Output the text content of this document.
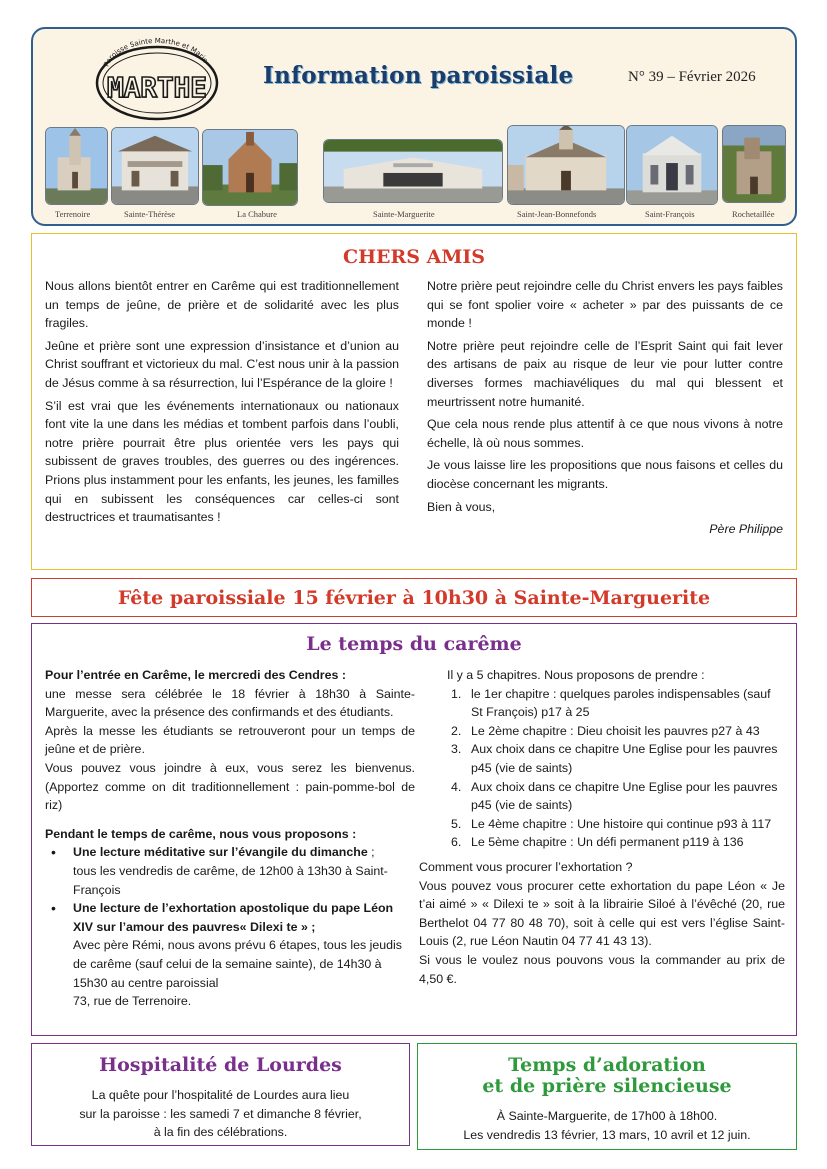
Paroisse Sainte Marthe et Marie
MARTHE Information paroissiale	N° 39 – Février 2026
Terrenoire	Sainte-Thérèse	La Chabure	Sainte-Marguerite	Saint-Jean-Bonnefonds	Saint-François	Rochetaillée
CHERS AMIS

Nous allons bientôt entrer en Carême qui est traditionnellement un temps de jeûne, de prière et de solidarité avec les plus fragiles.

Jeûne et prière sont une expression d’insistance et d’union au Christ souffrant et victorieux du mal. C’est nous unir à la passion de Jésus comme à sa résurrection, lui l’Espérance de la gloire !

S’il est vrai que les événements internationaux ou nationaux font vite la une dans les médias et tombent parfois dans l’oubli, notre prière pourrait être plus orientée vers les pays qui subissent de graves troubles, des guerres ou des ingérences. Prions plus instamment pour les enfants, les jeunes, les familles qui en subissent les conséquences car celles-ci sont destructrices et traumatisantes !

Notre prière peut rejoindre celle du Christ envers les pays faibles qui se font spolier voire « acheter » par des puissants de ce monde !

Notre prière peut rejoindre celle de l’Esprit Saint qui fait lever des artisans de paix au risque de leur vie pour lutter contre diverses formes machiavéliques du mal qui blessent et meurtrissent notre humanité.

Que cela nous rende plus attentif à ce que nous vivons à notre échelle, là où nous sommes.

Je vous laisse lire les propositions que nous faisons et celles du diocèse concernant les migrants.

Bien à vous,

Père Philippe

Fête paroissiale 15 février à 10h30 à Sainte-Marguerite
Le temps du carême
Pour l’entrée en Carême, le mercredi des Cendres :
une messe sera célébrée le 18 février à 18h30 à Sainte-Marguerite, avec la présence des confirmands et des étudiants.
Après la messe les étudiants se retrouveront pour un temps de jeûne et de prière.
Vous pouvez vous joindre à eux, vous serez les bienvenus. (Apportez comme on dit traditionnellement : pain-pomme-bol de riz)
Pendant le temps de carême, nous vous proposons :
• Une lecture méditative sur l’évangile du dimanche ;
tous les vendredis de carême, de 12h00 à 13h30 à Saint-François
• Une lecture de l’exhortation apostolique du pape Léon XIV sur l’amour des pauvres« Dilexi te » ;
Avec père Rémi, nous avons prévu 6 étapes, tous les jeudis de carême (sauf celui de la semaine sainte), de 14h30 à 15h30 au centre paroissial
73, rue de Terrenoire.
Il y a 5 chapitres. Nous proposons de prendre :
1. le 1er chapitre : quelques paroles indispensables (sauf St François) p17 à 25
2. Le 2ème chapitre : Dieu choisit les pauvres p27 à 43
3. Aux choix dans ce chapitre Une Eglise pour les pauvres p45 (vie de saints)
4. Aux choix dans ce chapitre Une Eglise pour les pauvres p45 (vie de saints)
5. Le 4ème chapitre : Une histoire qui continue p93 à 117
6. Le 5ème chapitre : Un défi permanent p119 à 136
Comment vous procurer l’exhortation ?
Vous pouvez vous procurer cette exhortation du pape Léon « Je t’ai aimé » « Dilexi te » soit à la librairie Siloé à l’évêché (20, rue Berthelot 04 77 80 48 70), soit à celle qui est vers l’église Saint-Louis (2, rue Léon Nautin 04 77 41 43 13).
Si vous le voulez nous pouvons vous la commander au prix de 4,50 €.
Hospitalité de Lourdes
La quête pour l’hospitalité de Lourdes aura lieu
sur la paroisse : les samedi 7 et dimanche 8 février,
à la fin des célébrations.
Temps d’adoration
et de prière silencieuse
À Sainte-Marguerite, de 17h00 à 18h00.
Les vendredis 13 février, 13 mars, 10 avril et 12 juin.
